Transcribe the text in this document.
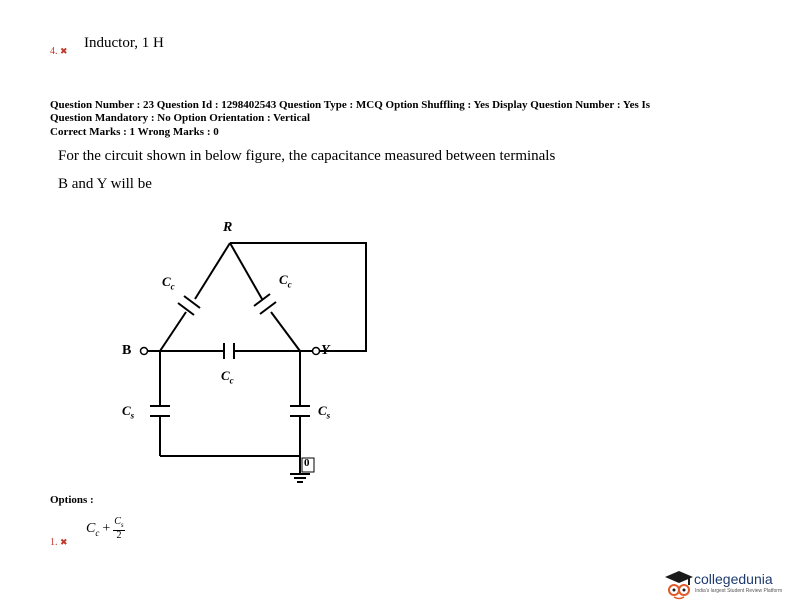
4. ✖ Inductor, 1 H
Question Number : 23 Question Id : 1298402543 Question Type : MCQ Option Shuffling : Yes Display Question Number : Yes Is
Question Mandatory : No Option Orientation : Vertical
Correct Marks : 1 Wrong Marks : 0
For the circuit shown in below figure, the capacitance measured between terminals
B and Y will be
R
B	Y
$C_c$	$C_c$
$C_c$
$C_s$	$C_s$
0
Options :
1. ✖
$C_c + \frac{C_s}{2}$
collegedunia
India's largest Student Review Platform
